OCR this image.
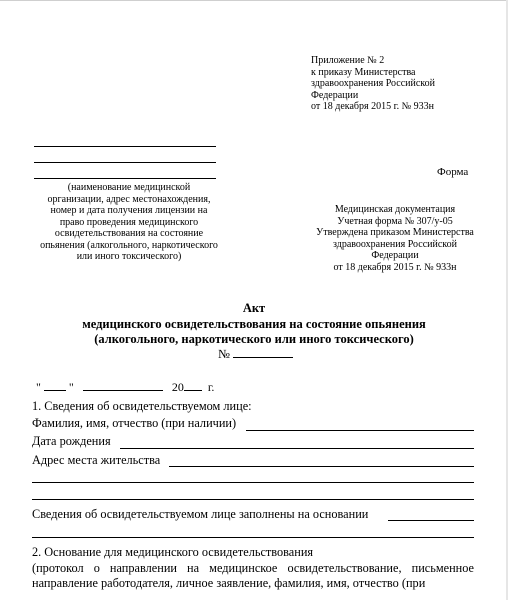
Приложение № 2
к приказу Министерства
здравоохранения Российской
Федерации
от 18 декабря 2015 г. № 933н
(наименование медицинской организации, адрес местонахождения, номер и дата получения лицензии на право проведения медицинского освидетельствования на состояние опьянения (алкогольного, наркотического или иного токсического)
Форма
Медицинская документация
Учетная форма № 307/у-05
Утверждена приказом Министерства
здравоохранения Российской
Федерации
от 18 декабря 2015 г. № 933н
Акт
медицинского освидетельствования на состояние опьянения
(алкогольного, наркотического или иного токсического)
№
" "	20 г.
1. Сведения об освидетельствуемом лице:
Фамилия, имя, отчество (при наличии)
Дата рождения
Адрес места жительства
Сведения об освидетельствуемом лице заполнены на основании
2. Основание для медицинского освидетельствования
(протокол о направлении на медицинское освидетельствование, письменное направление работодателя, личное заявление, фамилия, имя, отчество (при
